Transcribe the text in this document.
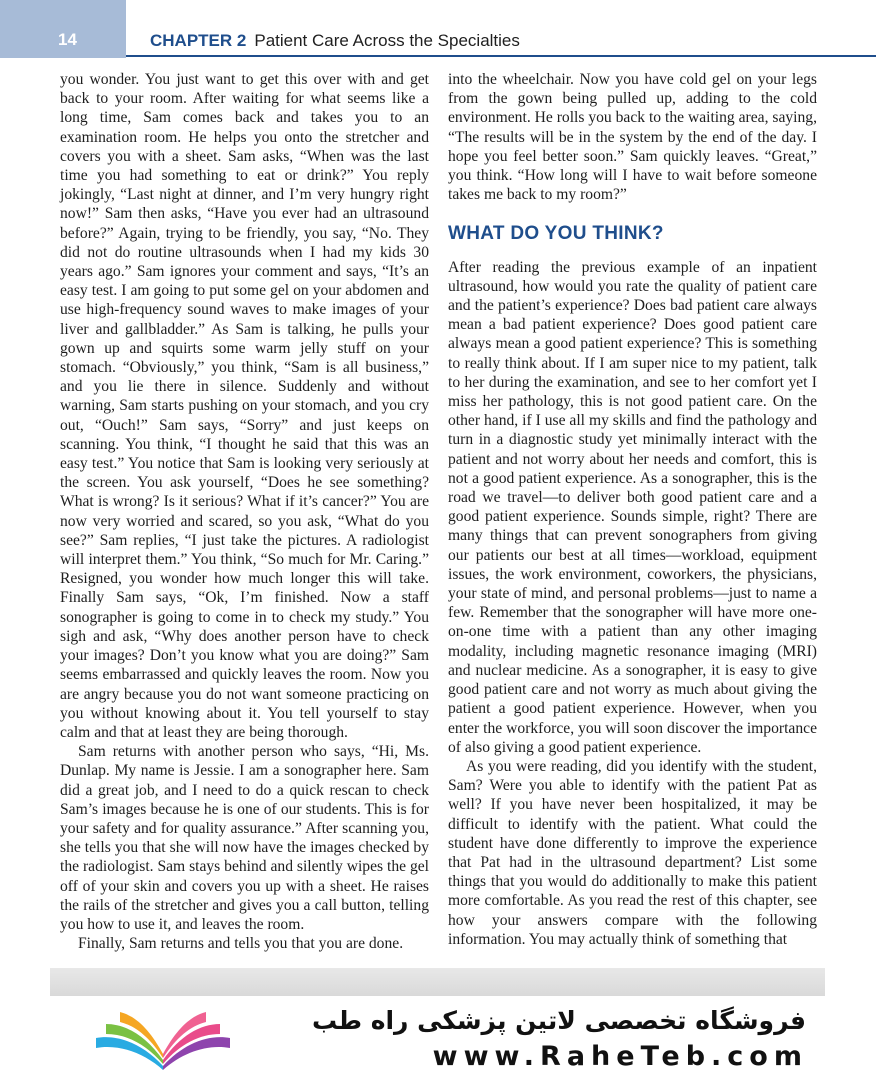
14	CHAPTER 2 Patient Care Across the Specialties

you wonder. You just want to get this over with and get back to your room. After waiting for what seems like a long time, Sam comes back and takes you to an examination room. He helps you onto the stretcher and covers you with a sheet. Sam asks, “When was the last time you had something to eat or drink?” You reply jokingly, “Last night at dinner, and I’m very hungry right now!” Sam then asks, “Have you ever had an ultrasound before?” Again, trying to be friendly, you say, “No. They did not do routine ultrasounds when I had my kids 30 years ago.” Sam ignores your comment and says, “It’s an easy test. I am going to put some gel on your abdomen and use high-frequency sound waves to make images of your liver and gallbladder.” As Sam is talking, he pulls your gown up and squirts some warm jelly stuff on your stomach. “Obviously,” you think, “Sam is all business,” and you lie there in silence. Suddenly and without warning, Sam starts pushing on your stomach, and you cry out, “Ouch!” Sam says, “Sorry” and just keeps on scanning. You think, “I thought he said that this was an easy test.” You notice that Sam is looking very seriously at the screen. You ask yourself, “Does he see something? What is wrong? Is it serious? What if it’s cancer?” You are now very worried and scared, so you ask, “What do you see?” Sam replies, “I just take the pictures. A radiologist will interpret them.” You think, “So much for Mr. Caring.” Resigned, you wonder how much longer this will take. Finally Sam says, “Ok, I’m finished. Now a staff sonographer is going to come in to check my study.” You sigh and ask, “Why does another person have to check your images? Don’t you know what you are doing?” Sam seems embarrassed and quickly leaves the room. Now you are angry because you do not want someone practicing on you without knowing about it. You tell yourself to stay calm and that at least they are being thorough.

Sam returns with another person who says, “Hi, Ms. Dunlap. My name is Jessie. I am a sonographer here. Sam did a great job, and I need to do a quick rescan to check Sam’s images because he is one of our students. This is for your safety and for quality assurance.” After scanning you, she tells you that she will now have the images checked by the radiologist. Sam stays behind and silently wipes the gel off of your skin and covers you up with a sheet. He raises the rails of the stretcher and gives you a call button, telling you how to use it, and leaves the room.

Finally, Sam returns and tells you that you are done.

into the wheelchair. Now you have cold gel on your legs from the gown being pulled up, adding to the cold environment. He rolls you back to the waiting area, saying, “The results will be in the system by the end of the day. I hope you feel better soon.” Sam quickly leaves. “Great,” you think. “How long will I have to wait before someone takes me back to my room?”

WHAT DO YOU THINK?

After reading the previous example of an inpatient ultrasound, how would you rate the quality of patient care and the patient’s experience? Does bad patient care always mean a bad patient experience? Does good patient care always mean a good patient experience? This is something to really think about. If I am super nice to my patient, talk to her during the examination, and see to her comfort yet I miss her pathology, this is not good patient care. On the other hand, if I use all my skills and find the pathology and turn in a diagnostic study yet minimally interact with the patient and not worry about her needs and comfort, this is not a good patient experience. As a sonographer, this is the road we travel—to deliver both good patient care and a good patient experience. Sounds simple, right? There are many things that can prevent sonographers from giving our patients our best at all times—workload, equipment issues, the work environment, coworkers, the physicians, your state of mind, and personal problems—just to name a few. Remember that the sonographer will have more one-on-one time with a patient than any other imaging modality, including magnetic resonance imaging (MRI) and nuclear medicine. As a sonographer, it is easy to give good patient care and not worry as much about giving the patient a good patient experience. However, when you enter the workforce, you will soon discover the importance of also giving a good patient experience.

As you were reading, did you identify with the student, Sam? Were you able to identify with the patient Pat as well? If you have never been hospitalized, it may be difficult to identify with the patient. What could the student have done differently to improve the experience that Pat had in the ultrasound department? List some things that you would do additionally to make this patient more comfortable. As you read the rest of this chapter, see how your answers compare with the following information. You may actually think of something that

فروشگاه تخصصی لاتین پزشکی راه طب
www.RaheTeb.com
